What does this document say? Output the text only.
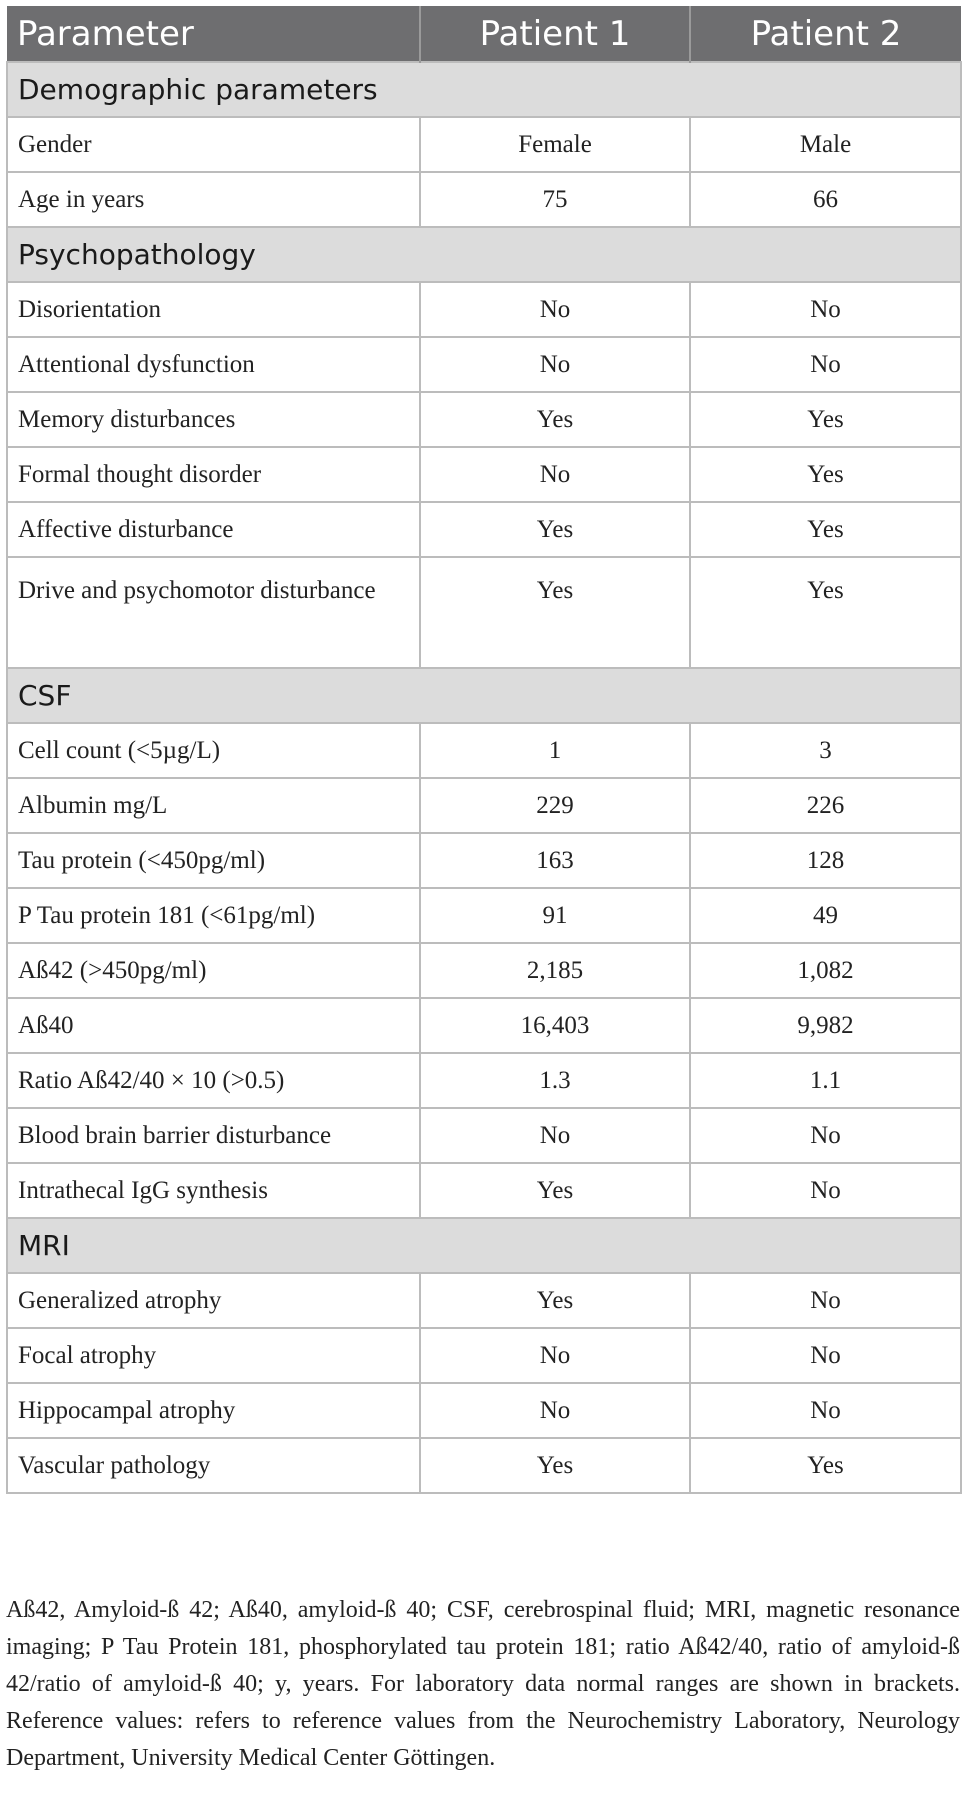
Parameter	Patient 1	Patient 2
Demographic parameters		
Gender	Female	Male
Age in years	75	66
Psychopathology		
Disorientation	No	No
Attentional dysfunction	No	No
Memory disturbances	Yes	Yes
Formal thought disorder	No	Yes
Affective disturbance	Yes	Yes
Drive and psychomotor disturbance	Yes	Yes
CSF		
Cell count (<5µg/L)	1	3
Albumin mg/L	229	226
Tau protein (<450pg/ml)	163	128
P Tau protein 181 (<61pg/ml)	91	49
Aß42 (>450pg/ml)	2,185	1,082
Aß40	16,403	9,982
Ratio Aß42/40 × 10 (>0.5)	1.3	1.1
Blood brain barrier disturbance	No	No
Intrathecal IgG synthesis	Yes	No
MRI		
Generalized atrophy	Yes	No
Focal atrophy	No	No
Hippocampal atrophy	No	No
Vascular pathology	Yes	Yes

Aß42, Amyloid-ß 42; Aß40, amyloid-ß 40; CSF, cerebrospinal fluid; MRI, magnetic resonance imaging; P Tau Protein 181, phosphorylated tau protein 181; ratio Aß42/40, ratio of amyloid-ß 42/ratio of amyloid-ß 40; y, years. For laboratory data normal ranges are shown in brackets. Reference values: refers to reference values from the Neurochemistry Laboratory, Neurology Department, University Medical Center Göttingen.
